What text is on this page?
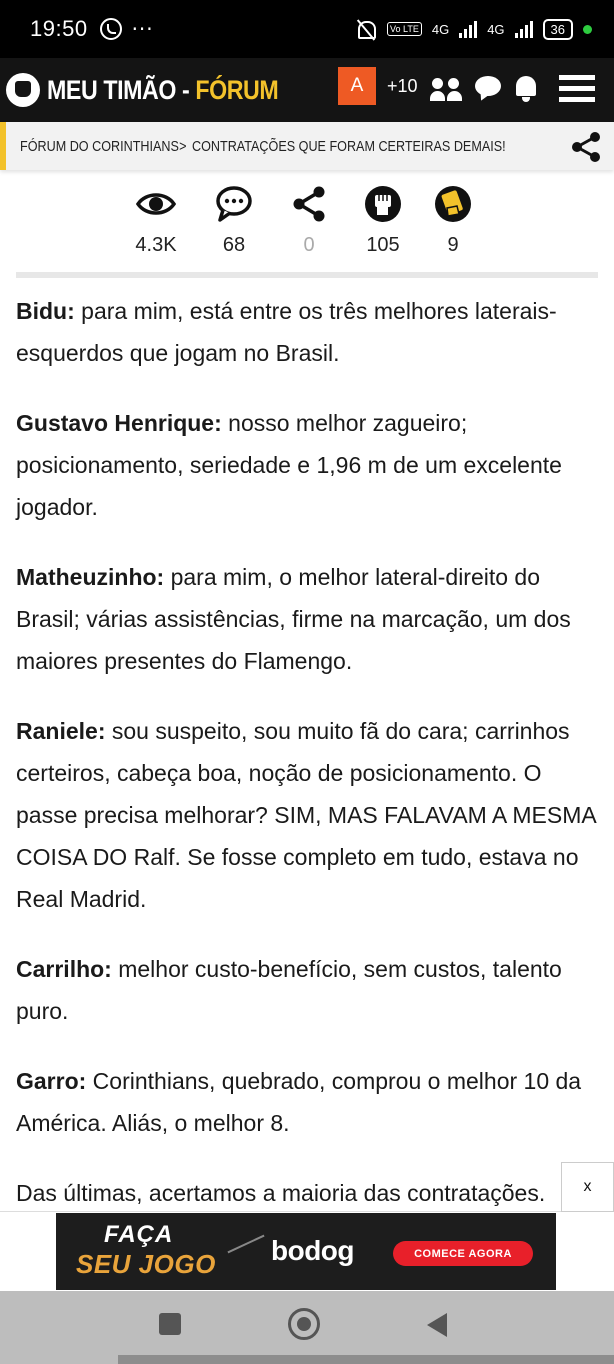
19:50 ···	Vo LTE 4G	4G	36
MEU TIMÃO - FÓRUM	A	+10
FÓRUM DO CORINTHIANS > CONTRATAÇÕES QUE FORAM CERTEIRAS DEMAIS!
4.3K	68	0	105	9

Bidu: para mim, está entre os três melhores laterais-esquerdos que jogam no Brasil.

Gustavo Henrique: nosso melhor zagueiro; posicionamento, seriedade e 1,96 m de um excelente jogador.

Matheuzinho: para mim, o melhor lateral-direito do Brasil; várias assistências, firme na marcação, um dos maiores presentes do Flamengo.

Raniele: sou suspeito, sou muito fã do cara; carrinhos certeiros, cabeça boa, noção de posicionamento. O passe precisa melhorar? SIM, MAS FALAVAM A MESMA COISA DO Ralf. Se fosse completo em tudo, estava no Real Madrid.

Carrilho: melhor custo-benefício, sem custos, talento puro.

Garro: Corinthians, quebrado, comprou o melhor 10 da América. Aliás, o melhor 8.

Das últimas, acertamos a maioria das contratações.	x
FAÇA
SEU JOGO bodog	COMECE AGORA
